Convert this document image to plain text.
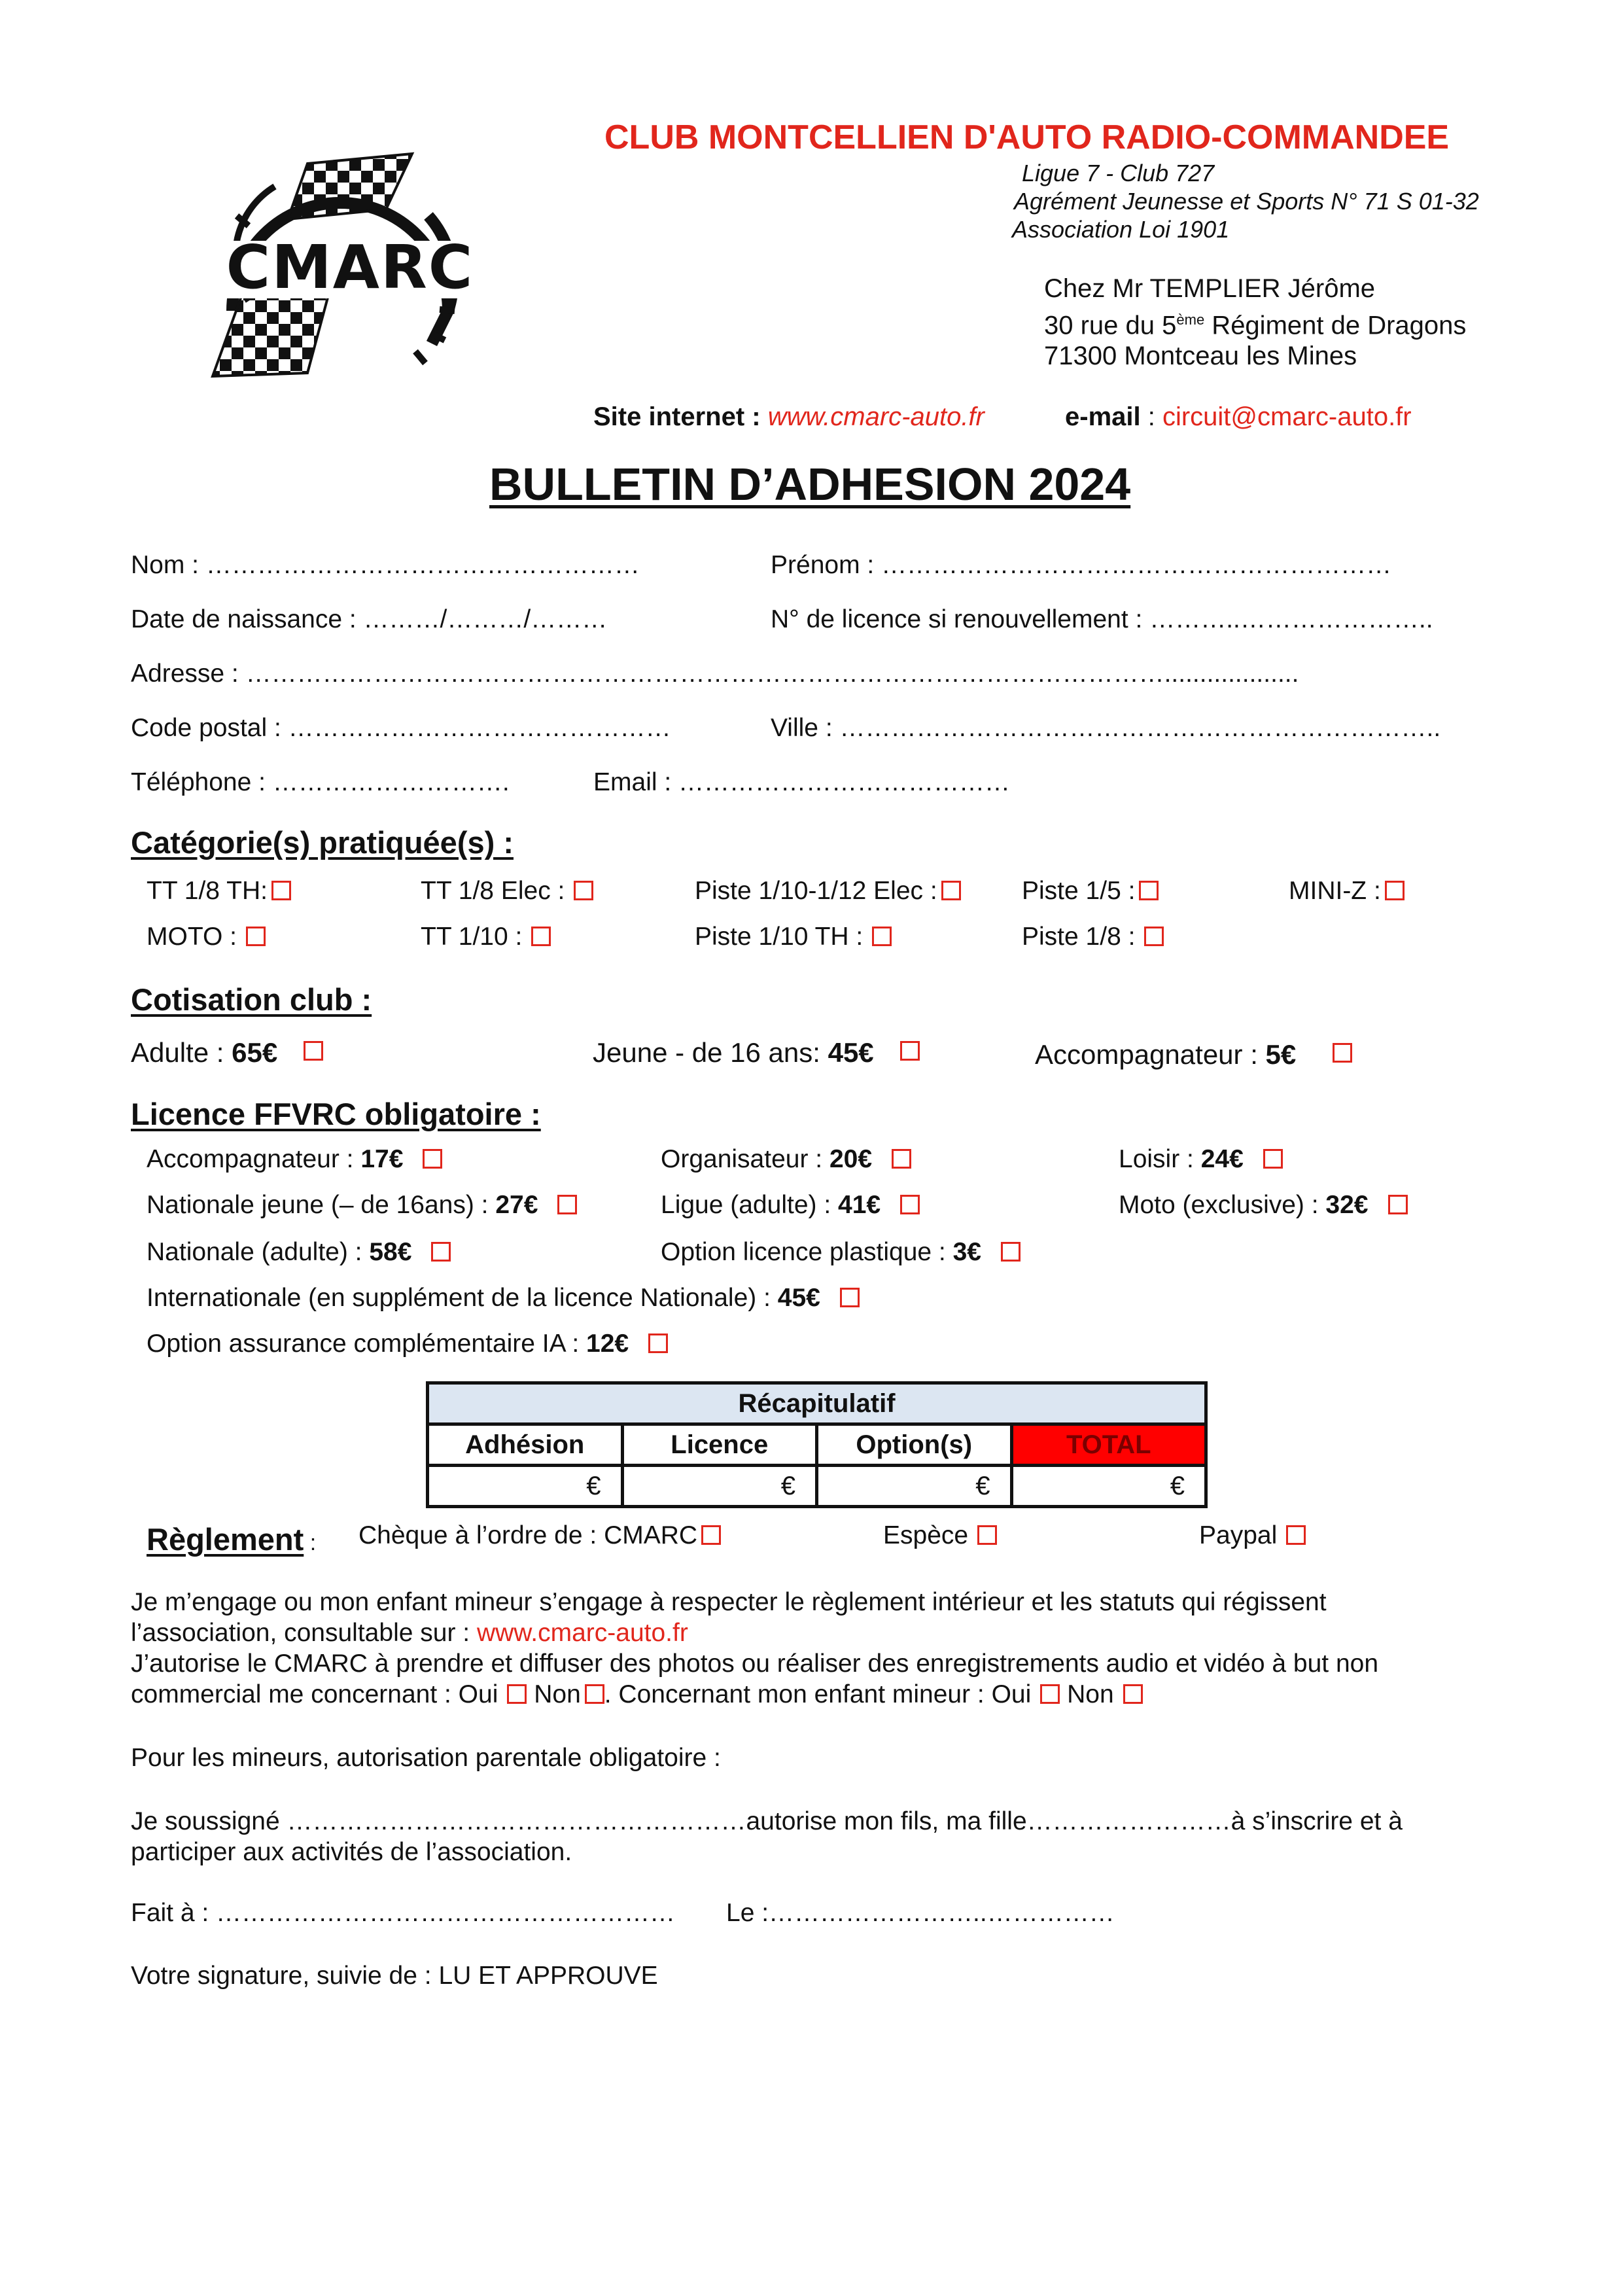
CMARC
CLUB MONTCELLIEN D'AUTO RADIO-COMMANDEE
Ligue 7 - Club 727
Agrément Jeunesse et Sports N° 71 S 01-32
Association Loi 1901
Chez Mr TEMPLIER Jérôme
30 rue du 5ème Régiment de Dragons
71300 Montceau les Mines
Site internet : www.cmarc-auto.fr	e-mail : circuit@cmarc-auto.fr
BULLETIN D’ADHESION 2024
Nom : ……………………………………………	Prénom : ……………………………………………………
Date de naissance : ………/………/………	N° de licence si renouvellement : ………..…………………..
Adresse : ………………………………………………………………………………………………...................
Code postal : ………………………………………	Ville : ……………………………………………………………..
Téléphone : ……………………….	Email : …………………………………
Catégorie(s) pratiquée(s) :
TT 1/8 TH:	TT 1/8 Elec :	Piste 1/10-1/12 Elec :	Piste 1/5 :	MINI-Z :
MOTO :	TT 1/10 :	Piste 1/10 TH :	Piste 1/8 :
Cotisation club :
Adulte : 65€	Jeune - de 16 ans: 45€	Accompagnateur : 5€
Licence FFVRC obligatoire :
Accompagnateur : 17€	Organisateur : 20€	Loisir : 24€
Nationale jeune (– de 16ans) : 27€	Ligue (adulte) : 41€	Moto (exclusive) : 32€
Nationale (adulte) : 58€	Option licence plastique : 3€
Internationale (en supplément de la licence Nationale) : 45€
Option assurance complémentaire IA : 12€
Récapitulatif			
Adhésion	Licence	Option(s)	TOTAL
€	€	€	€
Règlement : Chèque à l’ordre de : CMARC	Espèce	Paypal
Je m’engage ou mon enfant mineur s’engage à respecter le règlement intérieur et les statuts qui régissent
l’association, consultable sur : www.cmarc-auto.fr
J’autorise le CMARC à prendre et diffuser des photos ou réaliser des enregistrements audio et vidéo à but non
commercial me concernant : Oui Non . Concernant mon enfant mineur : Oui Non
Pour les mineurs, autorisation parentale obligatoire :
Je soussigné ………………………………………………autorise mon fils, ma fille……………………à s’inscrire et à
participer aux activités de l’association.
Fait à : ……………………………………………… Le :……………………..……………
Votre signature, suivie de : LU ET APPROUVE
